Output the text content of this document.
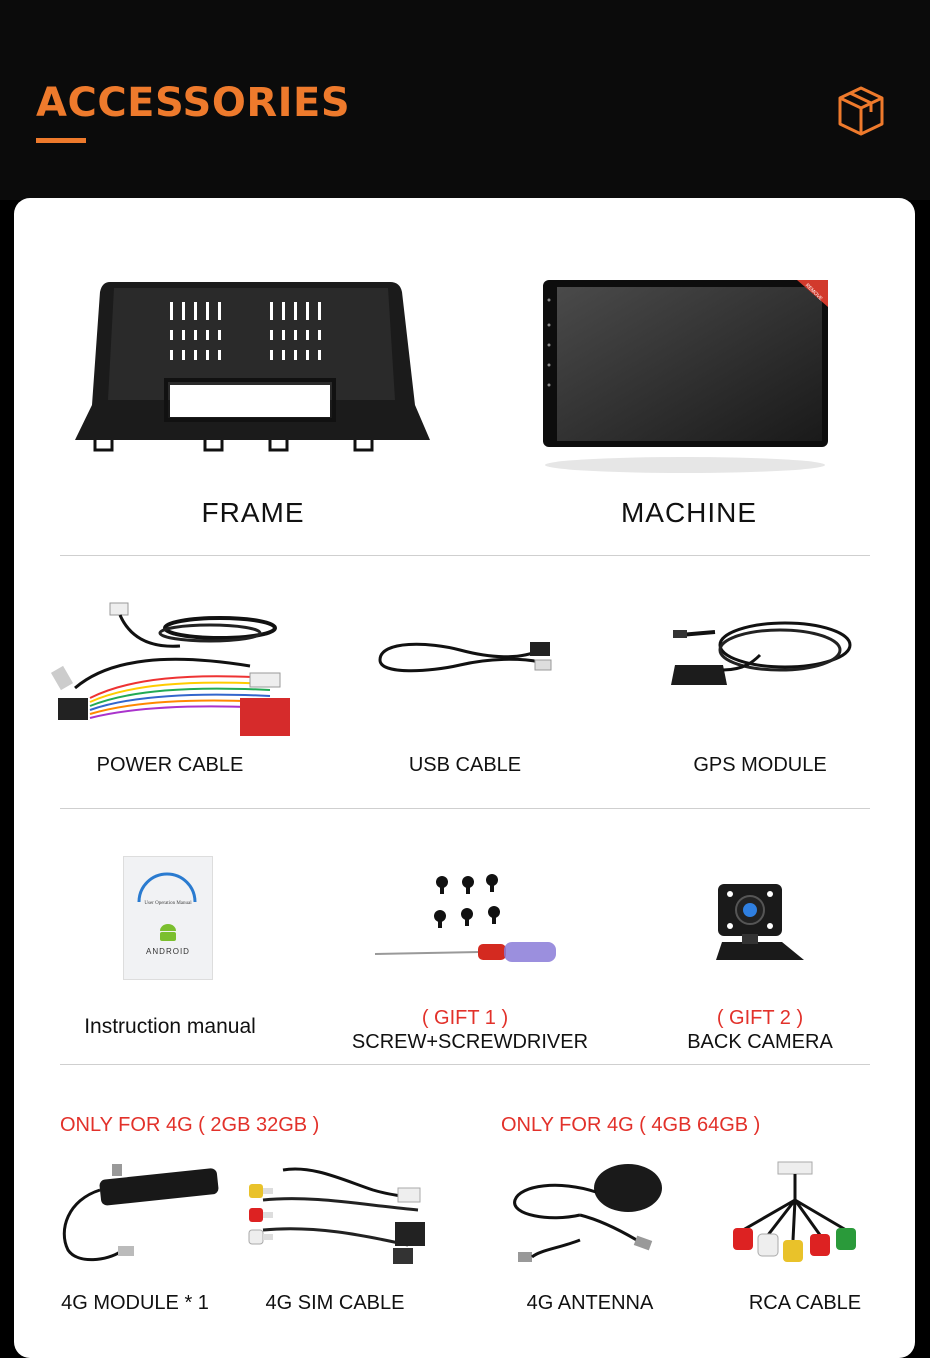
ACCESSORIES
FRAME
REMOVE
MACHINE
POWER CABLE	USB CABLE	GPS MODULE
User Operation Manual
ANDROID
Instruction manual	( GIFT 1 )
SCREW+SCREWDRIVER
( GIFT 2 )
BACK CAMERA
ONLY FOR 4G ( 2GB 32GB )	ONLY FOR 4G ( 4GB 64GB )
4G MODULE * 1	4G SIM CABLE	4G ANTENNA	RCA CABLE
